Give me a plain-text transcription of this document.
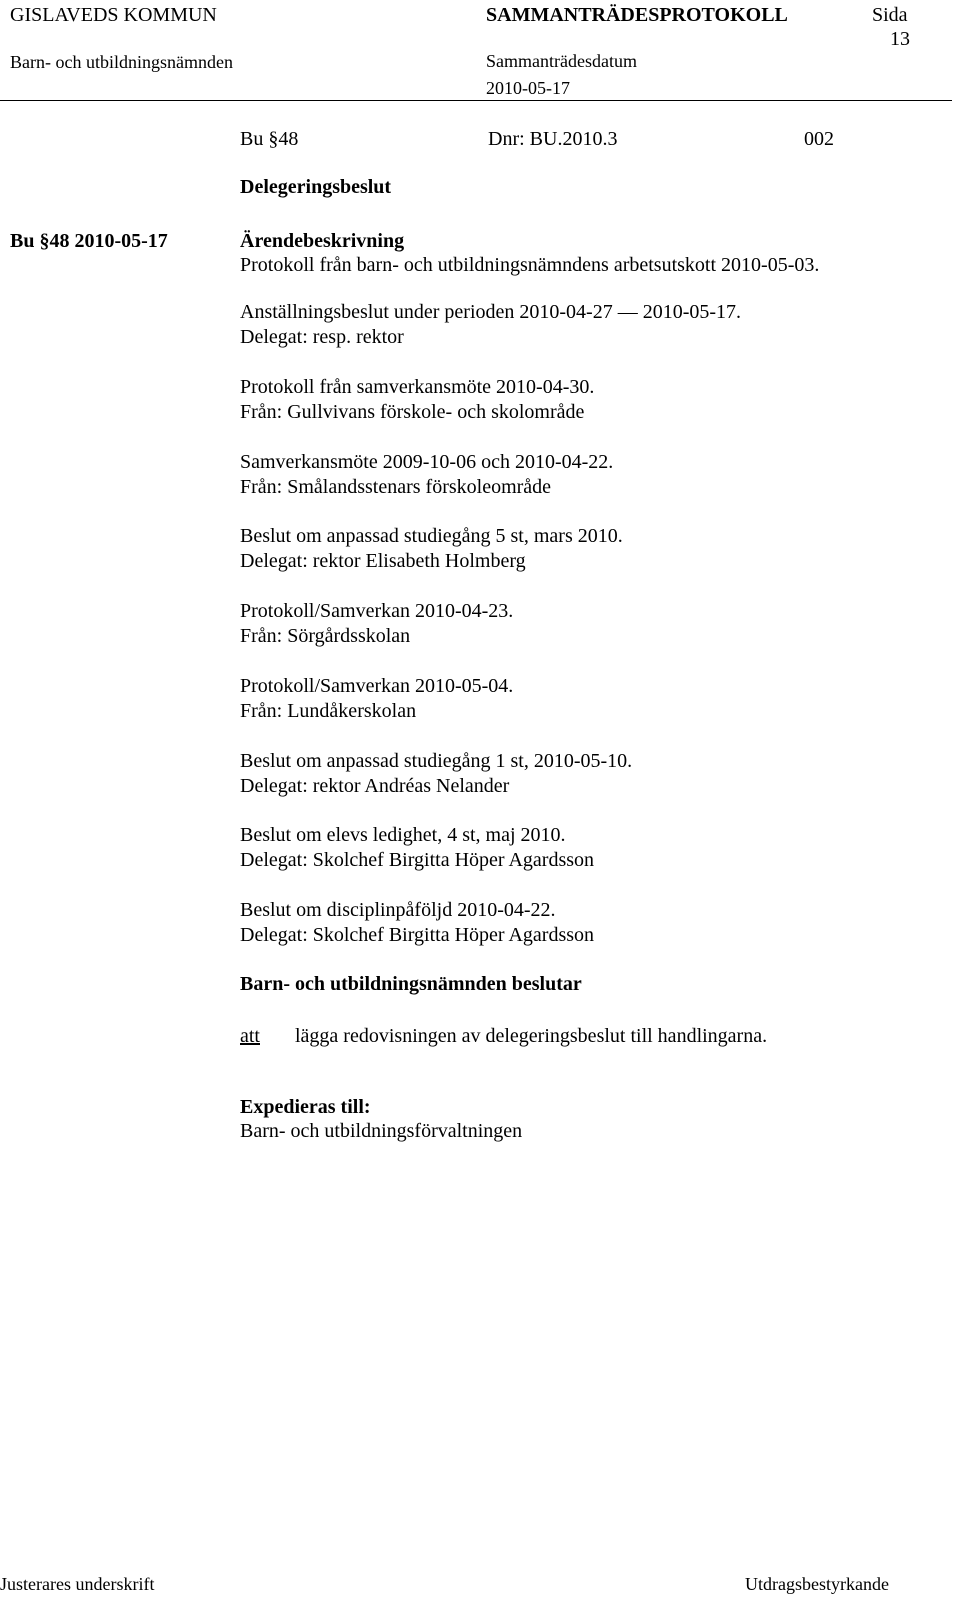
GISLAVEDS KOMMUN	SAMMANTRÄDESPROTOKOLL	Sida
13
Barn- och utbildningsnämnden	Sammanträdesdatum
2010-05-17
Bu §48	Dnr: BU.2010.3	002
Delegeringsbeslut
Bu §48 2010-05-17	Ärendebeskrivning
Protokoll från barn- och utbildningsnämndens arbetsutskott 2010-05-03.
Anställningsbeslut under perioden 2010-04-27 — 2010-05-17.
Delegat: resp. rektor
Protokoll från samverkansmöte 2010-04-30.
Från: Gullvivans förskole- och skolområde
Samverkansmöte 2009-10-06 och 2010-04-22.
Från: Smålandsstenars förskoleområde
Beslut om anpassad studiegång 5 st, mars 2010.
Delegat: rektor Elisabeth Holmberg
Protokoll/Samverkan 2010-04-23.
Från: Sörgårdsskolan
Protokoll/Samverkan 2010-05-04.
Från: Lundåkerskolan
Beslut om anpassad studiegång 1 st, 2010-05-10.
Delegat: rektor Andréas Nelander
Beslut om elevs ledighet, 4 st, maj 2010.
Delegat: Skolchef Birgitta Höper Agardsson
Beslut om disciplinpåföljd 2010-04-22.
Delegat: Skolchef Birgitta Höper Agardsson
Barn- och utbildningsnämnden beslutar
att lägga redovisningen av delegeringsbeslut till handlingarna.
Expedieras till:
Barn- och utbildningsförvaltningen
Justerares underskrift	Utdragsbestyrkande
